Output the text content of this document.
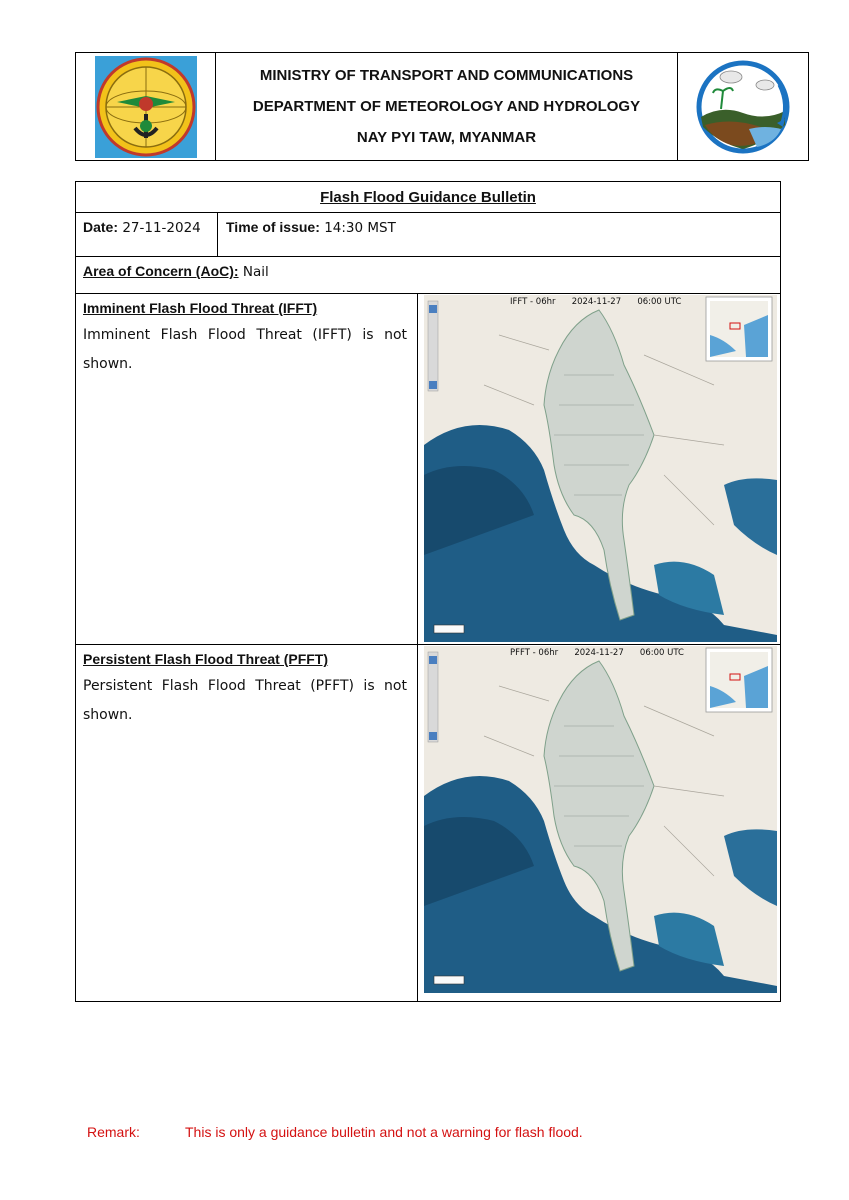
MINISTRY OF TRANSPORT AND COMMUNICATIONS
DEPARTMENT OF METEOROLOGY AND HYDROLOGY
NAY PYI TAW, MYANMAR
Flash Flood Guidance Bulletin
Date: 27-11-2024	Time of issue: 14:30 MST
Area of Concern (AoC): Nail
Imminent Flash Flood Threat (IFFT)
Imminent Flash Flood Threat (IFFT) is not shown.
IFFT - 06hr      2024-11-27      06:00 UTC
Persistent Flash Flood Threat (PFFT)
Persistent Flash Flood Threat (PFFT) is not shown.
PFFT - 06hr      2024-11-27      06:00 UTC
Remark:	This is only a guidance bulletin and not a warning for flash flood.
